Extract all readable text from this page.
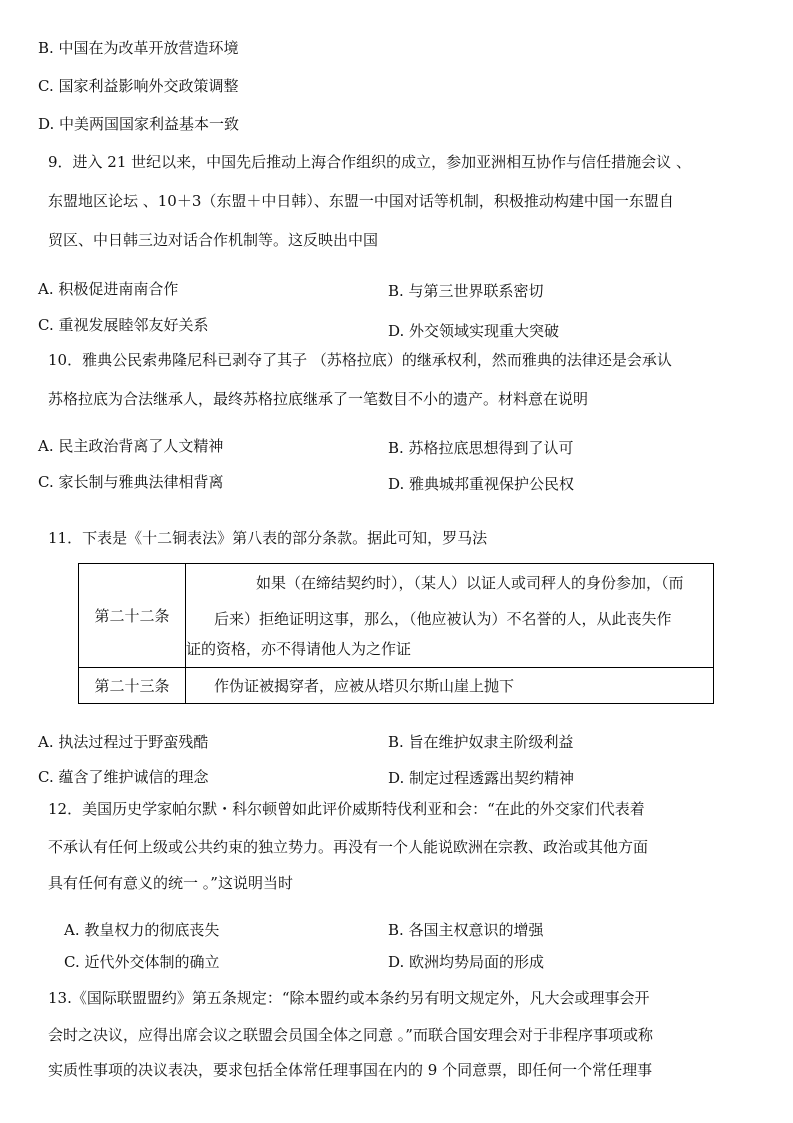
B. 中国在为改革开放营造环境
C. 国家利益影响外交政策调整
D. 中美两国国家利益基本一致
9．进入 21 世纪以来，中国先后推动上海合作组织的成立，参加亚洲相互协作与信任措施会议 、
东盟地区论坛 、10＋3（东盟＋中日韩）、东盟一中国对话等机制，积极推动构建中国一东盟自
贸区、中日韩三边对话合作机制等。这反映出中国
A. 积极促进南南合作	B. 与第三世界联系密切
C. 重视发展睦邻友好关系	D. 外交领域实现重大突破
10．雅典公民索弗隆尼科已剥夺了其子 （苏格拉底）的继承权利，然而雅典的法律还是会承认
苏格拉底为合法继承人，最终苏格拉底继承了一笔数目不小的遗产。材料意在说明
A. 民主政治背离了人文精神	B. 苏格拉底思想得到了认可
C. 家长制与雅典法律相背离	D. 雅典城邦重视保护公民权
11．下表是《十二铜表法》第八表的部分条款。据此可知，罗马法
第二十二条	如果（在缔结契约时），（某人）以证人或司秤人的身份参加，（而
后来）拒绝证明这事，那么，（他应被认为）不名誉的人，从此丧失作
证的资格，亦不得请他人为之作证

第二十三条	作伪证被揭穿者，应被从塔贝尔斯山崖上抛下
A. 执法过程过于野蛮残酷	B. 旨在维护奴隶主阶级利益
C. 蕴含了维护诚信的理念	D. 制定过程透露出契约精神
12．美国历史学家帕尔默・科尔顿曾如此评价威斯特伐利亚和会：“在此的外交家们代表着
不承认有任何上级或公共约束的独立势力。再没有一个人能说欧洲在宗教、政治或其他方面
具有任何有意义的统一 。”这说明当时
A. 教皇权力的彻底丧失	B. 各国主权意识的增强
C. 近代外交体制的确立	D. 欧洲均势局面的形成
13.《国际联盟盟约》第五条规定：“除本盟约或本条约另有明文规定外，凡大会或理事会开
会时之决议，应得出席会议之联盟会员国全体之同意 。”而联合国安理会对于非程序事项或称
实质性事项的决议表决，要求包括全体常任理事国在内的 9 个同意票，即任何一个常任理事
